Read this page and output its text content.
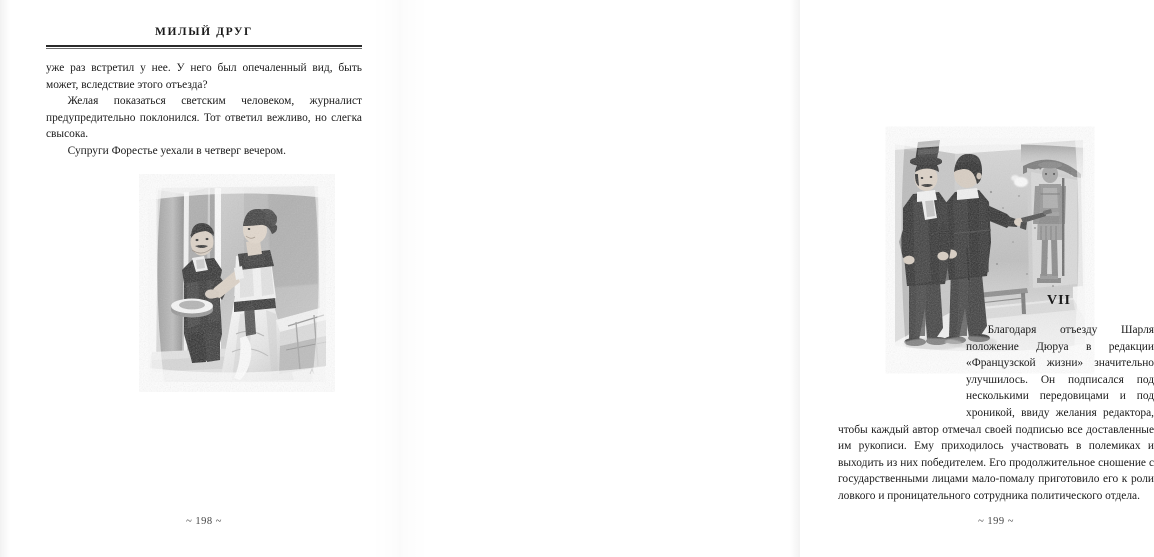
МИЛЫЙ ДРУГ

уже раз встретил у нее. У него был опечаленный вид, быть может, вследствие этого отъезда?

Желая показаться светским человеком, журналист предупредительно поклонился. Тот ответил вежливо, но слегка свысока.

Супруги Форестье уехали в четверг вечером.

~ 198 ~
VII

Благодаря отъезду Шарля положение Дюруа в редакции «Французской жизни» значительно улучшилось. Он подписался под несколькими передовицами и под хроникой, ввиду желания редактора, чтобы каждый автор отмечал своей подписью все доставленные им рукописи. Ему приходилось участвовать в полемиках и выходить из них победителем. Его продолжительное сношение с государственными лицами мало-помалу приготовило его к роли ловкого и проницательного сотрудника политического отдела.

~ 199 ~
